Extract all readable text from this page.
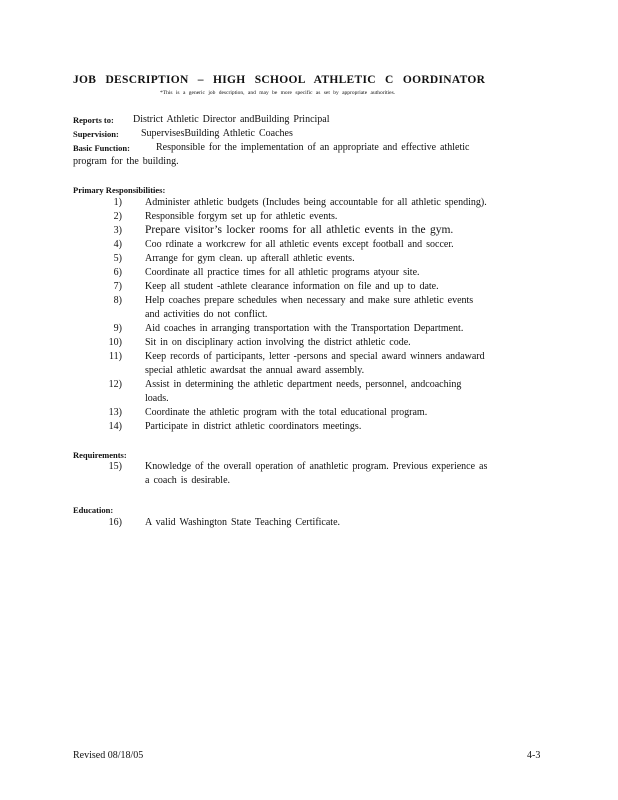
JOB DESCRIPTION – HIGH SCHOOL ATHLETIC C OORDINATOR
*This is a generic job description, and may be more specific as set by appropriate authorities.
Reports to: District Athletic Director andBuilding Principal
Supervision: SupervisesBuilding Athletic Coaches
Basic Function:	Responsible for the implementation of an appropriate and effective athletic
program for the building.
Primary Responsibilities:
1) Administer athletic budgets (Includes being accountable for all athletic spending).
2) Responsible forgym set up for athletic events.
3) Prepare visitor’s locker rooms for all athletic events in the gym.
4) Coo rdinate a workcrew for all athletic events except football and soccer.
5) Arrange for gym clean. up afterall athletic events.
6) Coordinate all practice times for all athletic programs atyour site.
7) Keep all student -athlete clearance information on file and up to date.
8) Help coaches prepare schedules when necessary and make sure athletic events
and activities do not conflict.
9) Aid coaches in arranging transportation with the Transportation Department.
10) Sit in on disciplinary action involving the district athletic code.
11) Keep records of participants, letter -persons and special award winners andaward
special athletic awardsat the annual award assembly.
12) Assist in determining the athletic department needs, personnel, andcoaching
loads.
13) Coordinate the athletic program with the total educational program.
14) Participate in district athletic coordinators meetings.
Requirements:
15) Knowledge of the overall operation of anathletic program. Previous experience as
a coach is desirable.
Education:
16) A valid Washington State Teaching Certificate.
Revised 08/18/05	4-3
